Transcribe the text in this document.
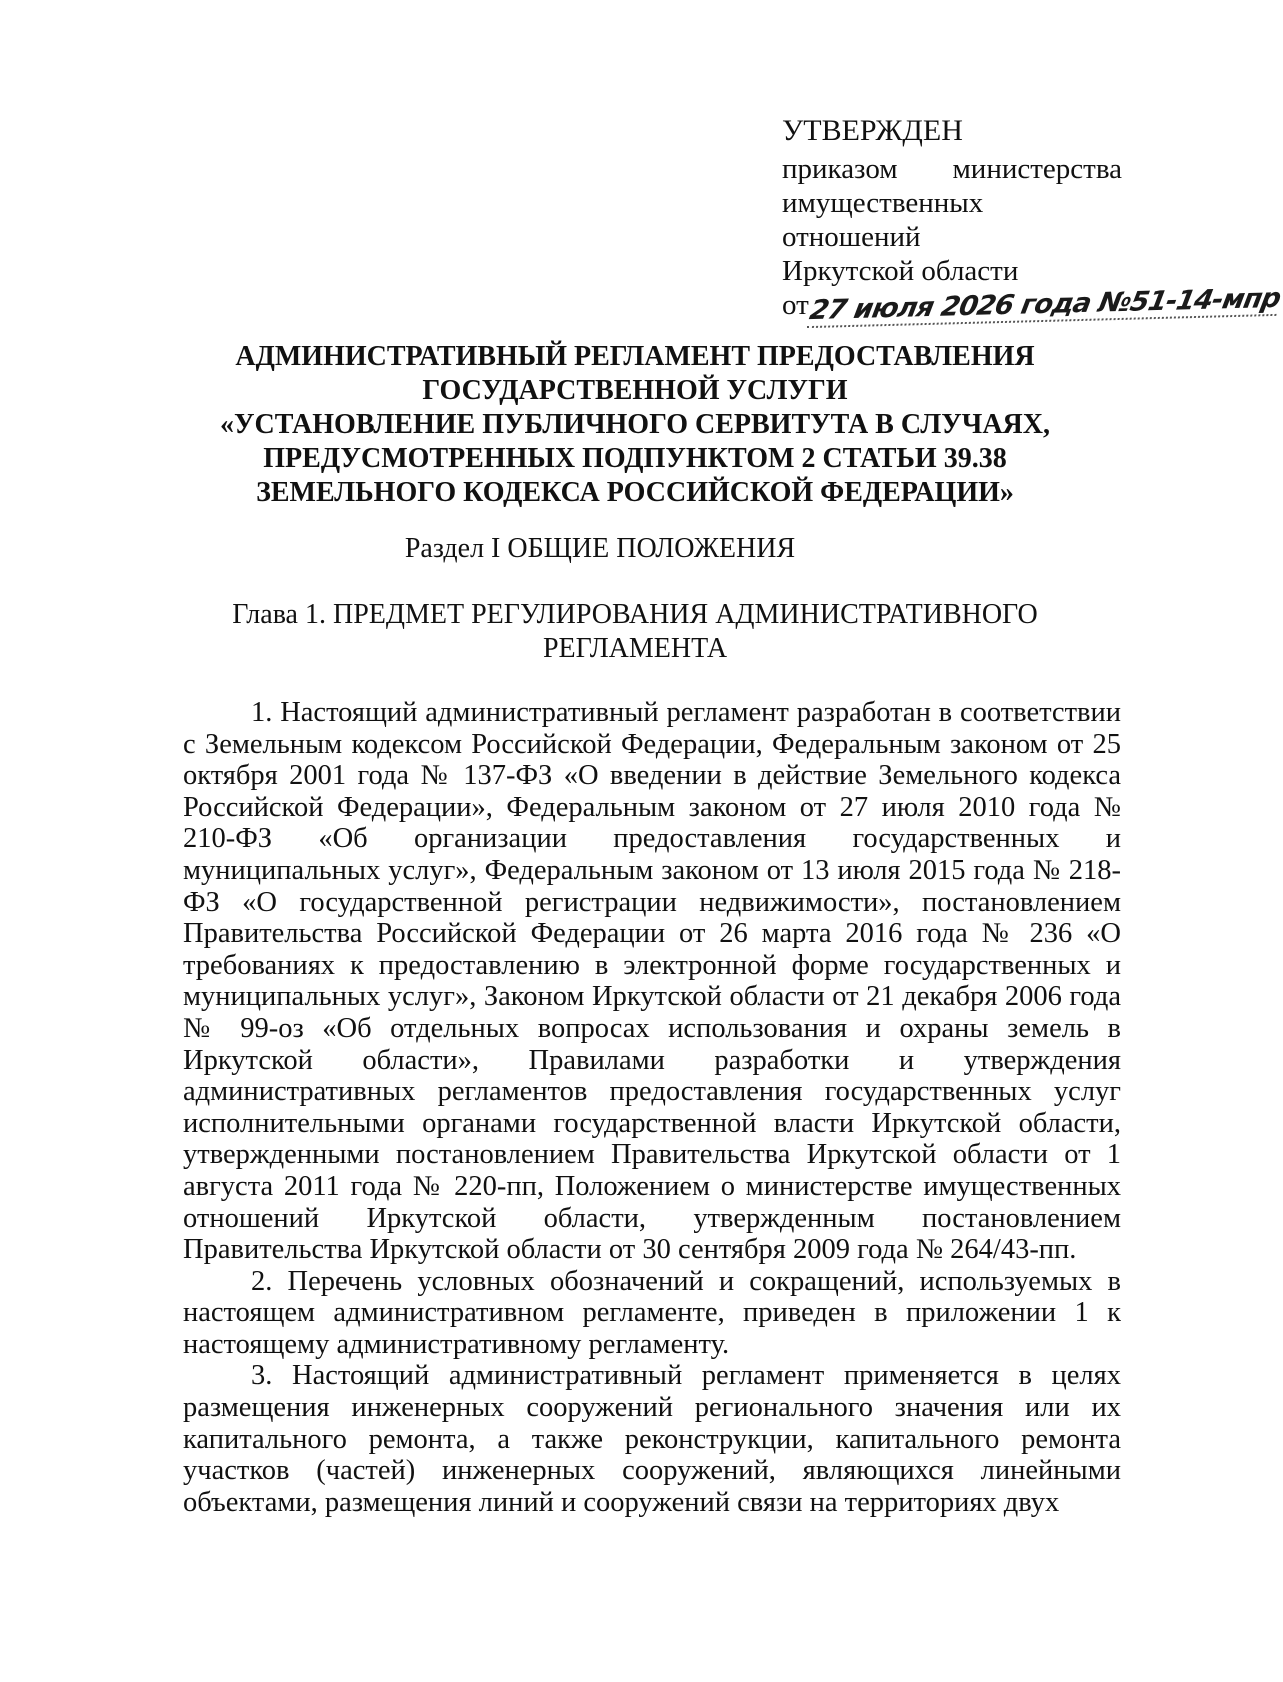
УТВЕРЖДЕН
приказом министерства
имущественных отношений
Иркутской области
от
27 июля 2026 года №51-14-мпр
АДМИНИСТРАТИВНЫЙ РЕГЛАМЕНТ ПРЕДОСТАВЛЕНИЯ
ГОСУДАРСТВЕННОЙ УСЛУГИ
«УСТАНОВЛЕНИЕ ПУБЛИЧНОГО СЕРВИТУТА В СЛУЧАЯХ,
ПРЕДУСМОТРЕННЫХ ПОДПУНКТОМ 2 СТАТЬИ 39.38
ЗЕМЕЛЬНОГО КОДЕКСА РОССИЙСКОЙ ФЕДЕРАЦИИ»
Раздел I ОБЩИЕ ПОЛОЖЕНИЯ
Глава 1. ПРЕДМЕТ РЕГУЛИРОВАНИЯ АДМИНИСТРАТИВНОГО
РЕГЛАМЕНТА

1. Настоящий административный регламент разработан в соответствии с Земельным кодексом Российской Федерации, Федеральным законом от 25 октября 2001 года № 137-ФЗ «О введении в действие Земельного кодекса Российской Федерации», Федеральным законом от 27 июля 2010 года № 210-ФЗ «Об организации предоставления государственных и муниципальных услуг», Федеральным законом от 13 июля 2015 года № 218-ФЗ «О государственной регистрации недвижимости», постановлением Правительства Российской Федерации от 26 марта 2016 года № 236 «О требованиях к предоставлению в электронной форме государственных и муниципальных услуг», Законом Иркутской области от 21 декабря 2006 года № 99-оз «Об отдельных вопросах использования и охраны земель в Иркутской области», Правилами разработки и утверждения административных регламентов предоставления государственных услуг исполнительными органами государственной власти Иркутской области, утвержденными постановлением Правительства Иркутской области от 1 августа 2011 года № 220-пп, Положением о министерстве имущественных отношений Иркутской области, утвержденным постановлением Правительства Иркутской области от 30 сентября 2009 года № 264/43-пп.

2. Перечень условных обозначений и сокращений, используемых в настоящем административном регламенте, приведен в приложении 1 к настоящему административному регламенту.

3. Настоящий административный регламент применяется в целях размещения инженерных сооружений регионального значения или их капитального ремонта, а также реконструкции, капитального ремонта участков (частей) инженерных сооружений, являющихся линейными объектами, размещения линий и сооружений связи на территориях двух
